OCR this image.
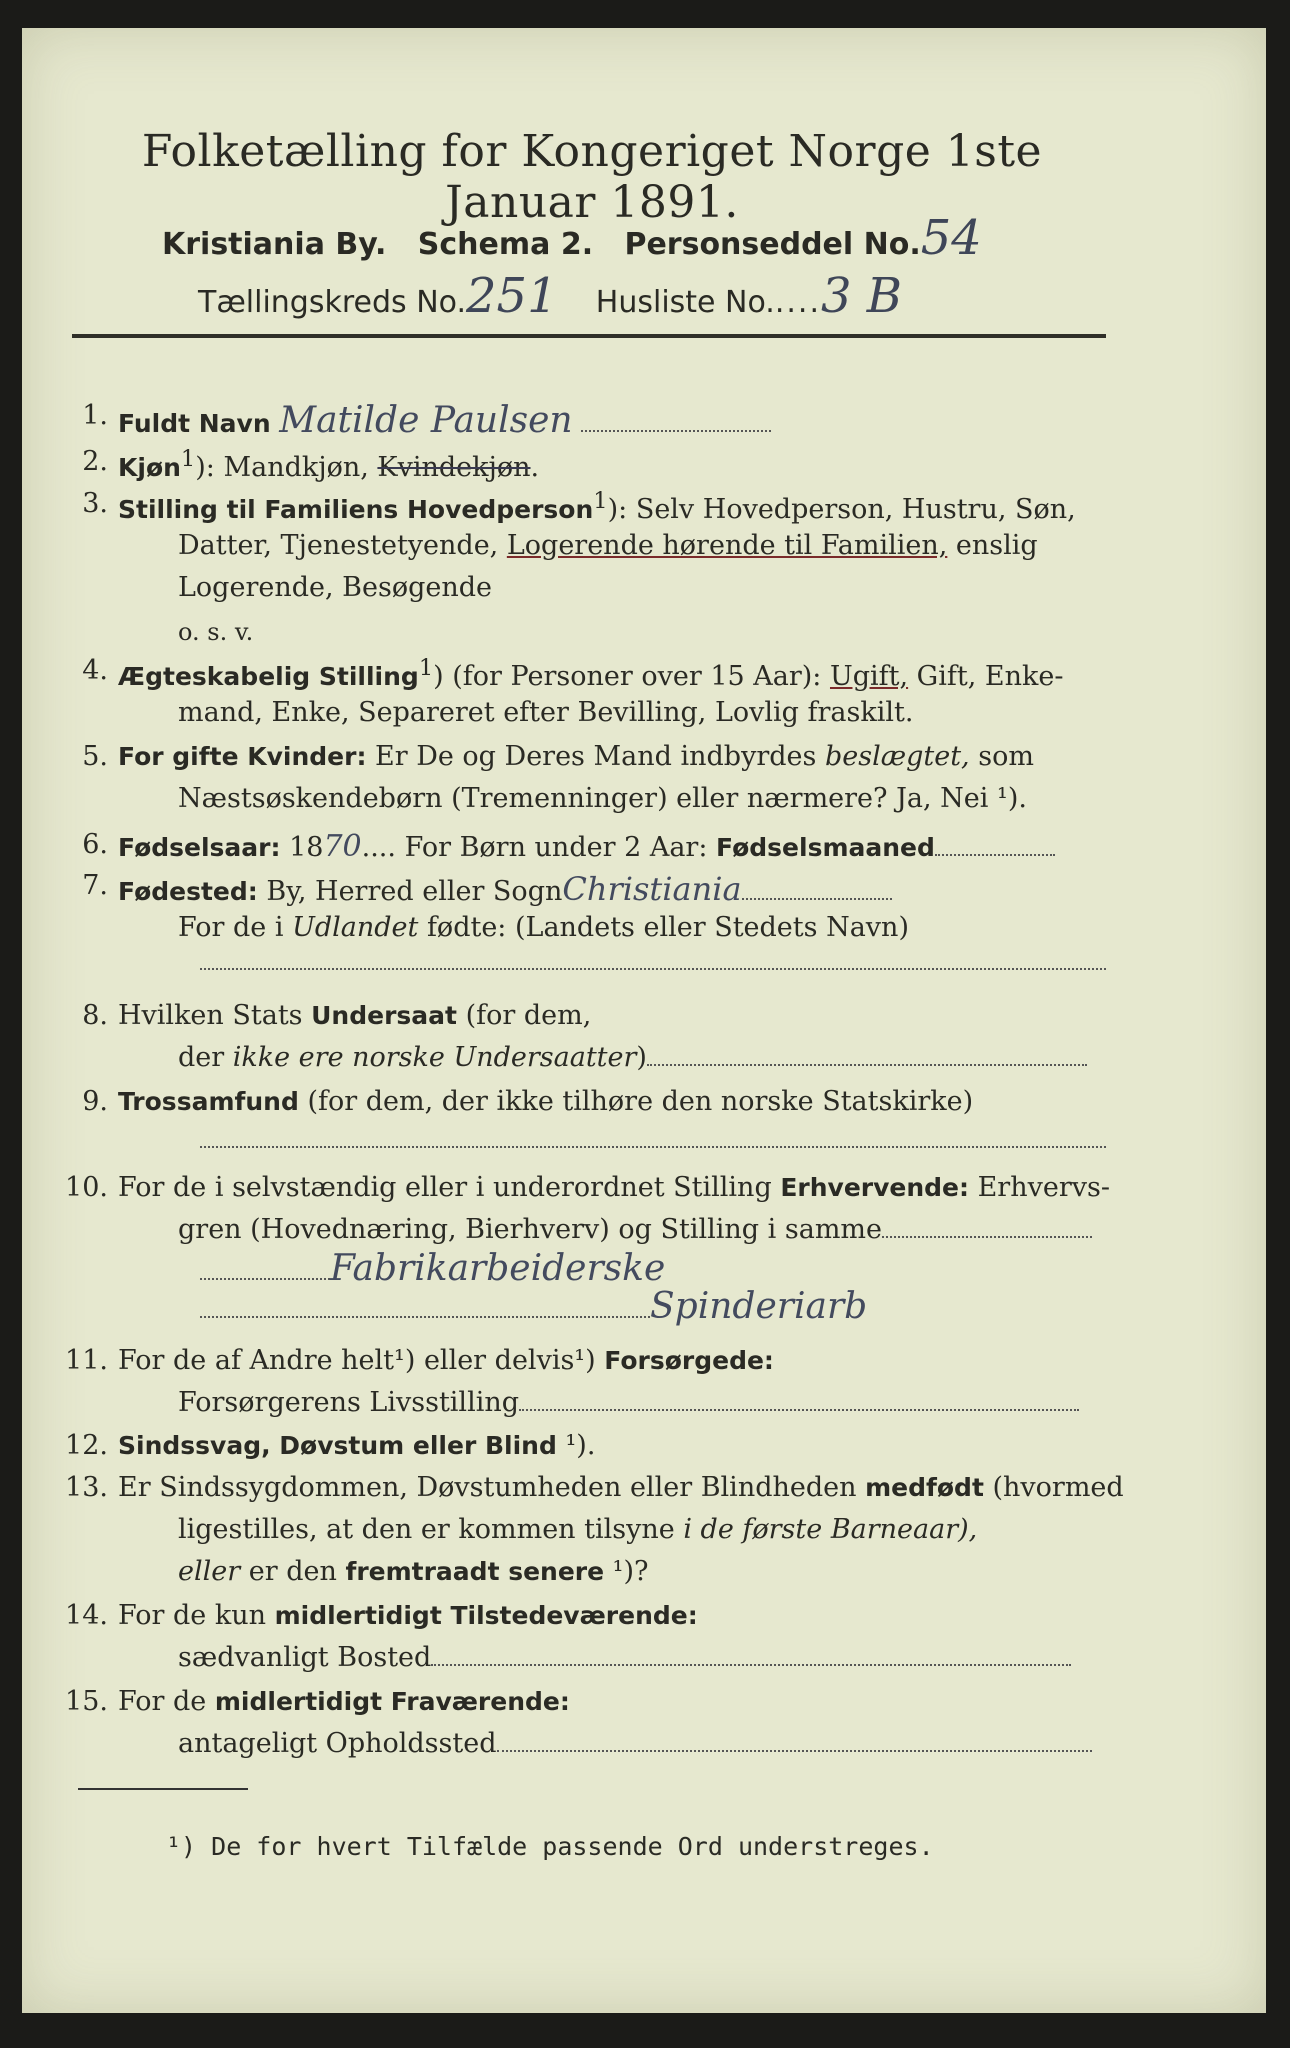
Folketælling for Kongeriget Norge 1ste Januar 1891.
Kristiania By. Schema 2. Personseddel No.54
Tællingskreds No.251 Husliste No.....3 B
1. Fuldt Navn Matilde Paulsen
2. Kjøn$^1$): Mandkjøn, Kvindekjøn.
3. Stilling til Familiens Hovedperson$^1$): Selv Hovedperson, Hustru, Søn,
Datter, Tjenestetyende, Logerende hørende til Familien, enslig
Logerende, Besøgende
o. s. v.
4. Ægteskabelig Stilling$^1$) (for Personer over 15 Aar): Ugift, Gift, Enke-
mand, Enke, Separeret efter Bevilling, Lovlig fraskilt.
5. For gifte Kvinder: Er De og Deres Mand indbyrdes beslægtet, som
Næstsøskendebørn (Tremenninger) eller nærmere? Ja, Nei ¹).
6. Fødselsaar: 1870.... For Børn under 2 Aar: Fødselsmaaned
7. Fødested: By, Herred eller SognChristiania
For de i Udlandet fødte: (Landets eller Stedets Navn)
8. Hvilken Stats Undersaat (for dem,
der ikke ere norske Undersaatter)
9. Trossamfund (for dem, der ikke tilhøre den norske Statskirke)
10. For de i selvstændig eller i underordnet Stilling Erhvervende: Erhvervs-
gren (Hovednæring, Bierhverv) og Stilling i samme
Fabrikarbeiderske
Spinderiarb
11. For de af Andre helt¹) eller delvis¹) Forsørgede:
Forsørgerens Livsstilling
12. Sindssvag, Døvstum eller Blind ¹).
13. Er Sindssygdommen, Døvstumheden eller Blindheden medfødt (hvormed
ligestilles, at den er kommen tilsyne i de første Barneaar),
eller er den fremtraadt senere ¹)?
14. For de kun midlertidigt Tilstedeværende:
sædvanligt Bosted
15. For de midlertidigt Fraværende:
antageligt Opholdssted
¹) De for hvert Tilfælde passende Ord understreges.
